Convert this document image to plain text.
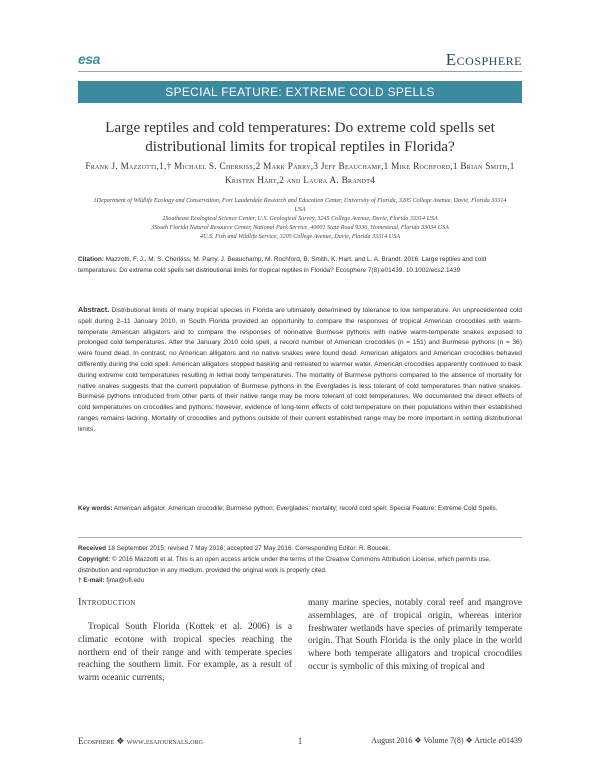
esa	Ecosphere
SPECIAL FEATURE: EXTREME COLD SPELLS
Large reptiles and cold temperatures: Do extreme cold spells set distributional limits for tropical reptiles in Florida?
Frank J. Mazzotti,1,† Michael S. Cherkiss,2 Mark Parry,3 Jeff Beauchamp,1 Mike Rochford,1 Brian Smith,1 Kristen Hart,2 and Laura A. Brandt4
1Department of Wildlife Ecology and Conservation, Fort Lauderdale Research and Education Center, University of Florida, 3205 College Avenue, Davie, Florida 33314 USA
2Southeast Ecological Science Center, U.S. Geological Survey, 3245 College Avenue, Davie, Florida 33314 USA
3South Florida Natural Resource Center, National Park Service, 40001 State Road 9336, Homestead, Florida 33034 USA
4U.S. Fish and Wildlife Service, 3205 College Avenue, Davie, Florida 33314 USA
Citation: Mazzotti, F. J., M. S. Cherkiss, M. Parry, J. Beauchamp, M. Rochford, B. Smith, K. Hart, and L. A. Brandt. 2016. Large reptiles and cold temperatures: Do extreme cold spells set distributional limits for tropical reptiles in Florida? Ecosphere 7(8):e01439. 10.1002/ecs2.1439
Abstract. Distributional limits of many tropical species in Florida are ultimately determined by tolerance to low temperature. An unprecedented cold spell during 2–11 January 2010, in South Florida provided an opportunity to compare the responses of tropical American crocodiles with warm-temperate American alligators and to compare the responses of nonnative Burmese pythons with native warm-temperate snakes exposed to prolonged cold temperatures. After the January 2010 cold spell, a record number of American crocodiles (n = 151) and Burmese pythons (n = 36) were found dead. In contrast, no American alligators and no native snakes were found dead. American alligators and American crocodiles behaved differently during the cold spell. American alligators stopped basking and retreated to warmer water. American crocodiles apparently continued to bask during extreme cold temperatures resulting in lethal body temperatures. The mortality of Burmese pythons compared to the absence of mortality for native snakes suggests that the current population of Burmese pythons in the Everglades is less tolerant of cold temperatures than native snakes. Burmese pythons introduced from other parts of their native range may be more tolerant of cold temperatures. We documented the direct effects of cold temperatures on crocodiles and pythons; however, evidence of long-term effects of cold temperature on their populations within their established ranges remains lacking. Mortality of crocodiles and pythons outside of their current established range may be more important in setting distributional limits.
Key words: American alligator; American crocodile; Burmese python; Everglades; mortality; record cold spell; Special Feature: Extreme Cold Spells.
Received 18 September 2015; revised 7 May 2016; accepted 27 May 2016. Corresponding Editor: R. Boucek.
Copyright: © 2016 Mazzotti et al. This is an open access article under the terms of the Creative Commons Attribution License, which permits use, distribution and reproduction in any medium, provided the original work is properly cited.
† E-mail: fjma@ufl.edu
Introduction
Tropical South Florida (Kottek et al. 2006) is a climatic ecotone with tropical species reaching the northern end of their range and with temperate species reaching the southern limit. For example, as a result of warm oceanic currents,
many marine species, notably coral reef and mangrove assemblages, are of tropical origin, whereas interior freshwater wetlands have species of primarily temperate origin. That South Florida is the only place in the world where both temperate alligators and tropical crocodiles occur is symbolic of this mixing of tropical and
Ecosphere ❖ www.esajournals.org	1	August 2016 ❖ Volume 7(8) ❖ Article e01439
